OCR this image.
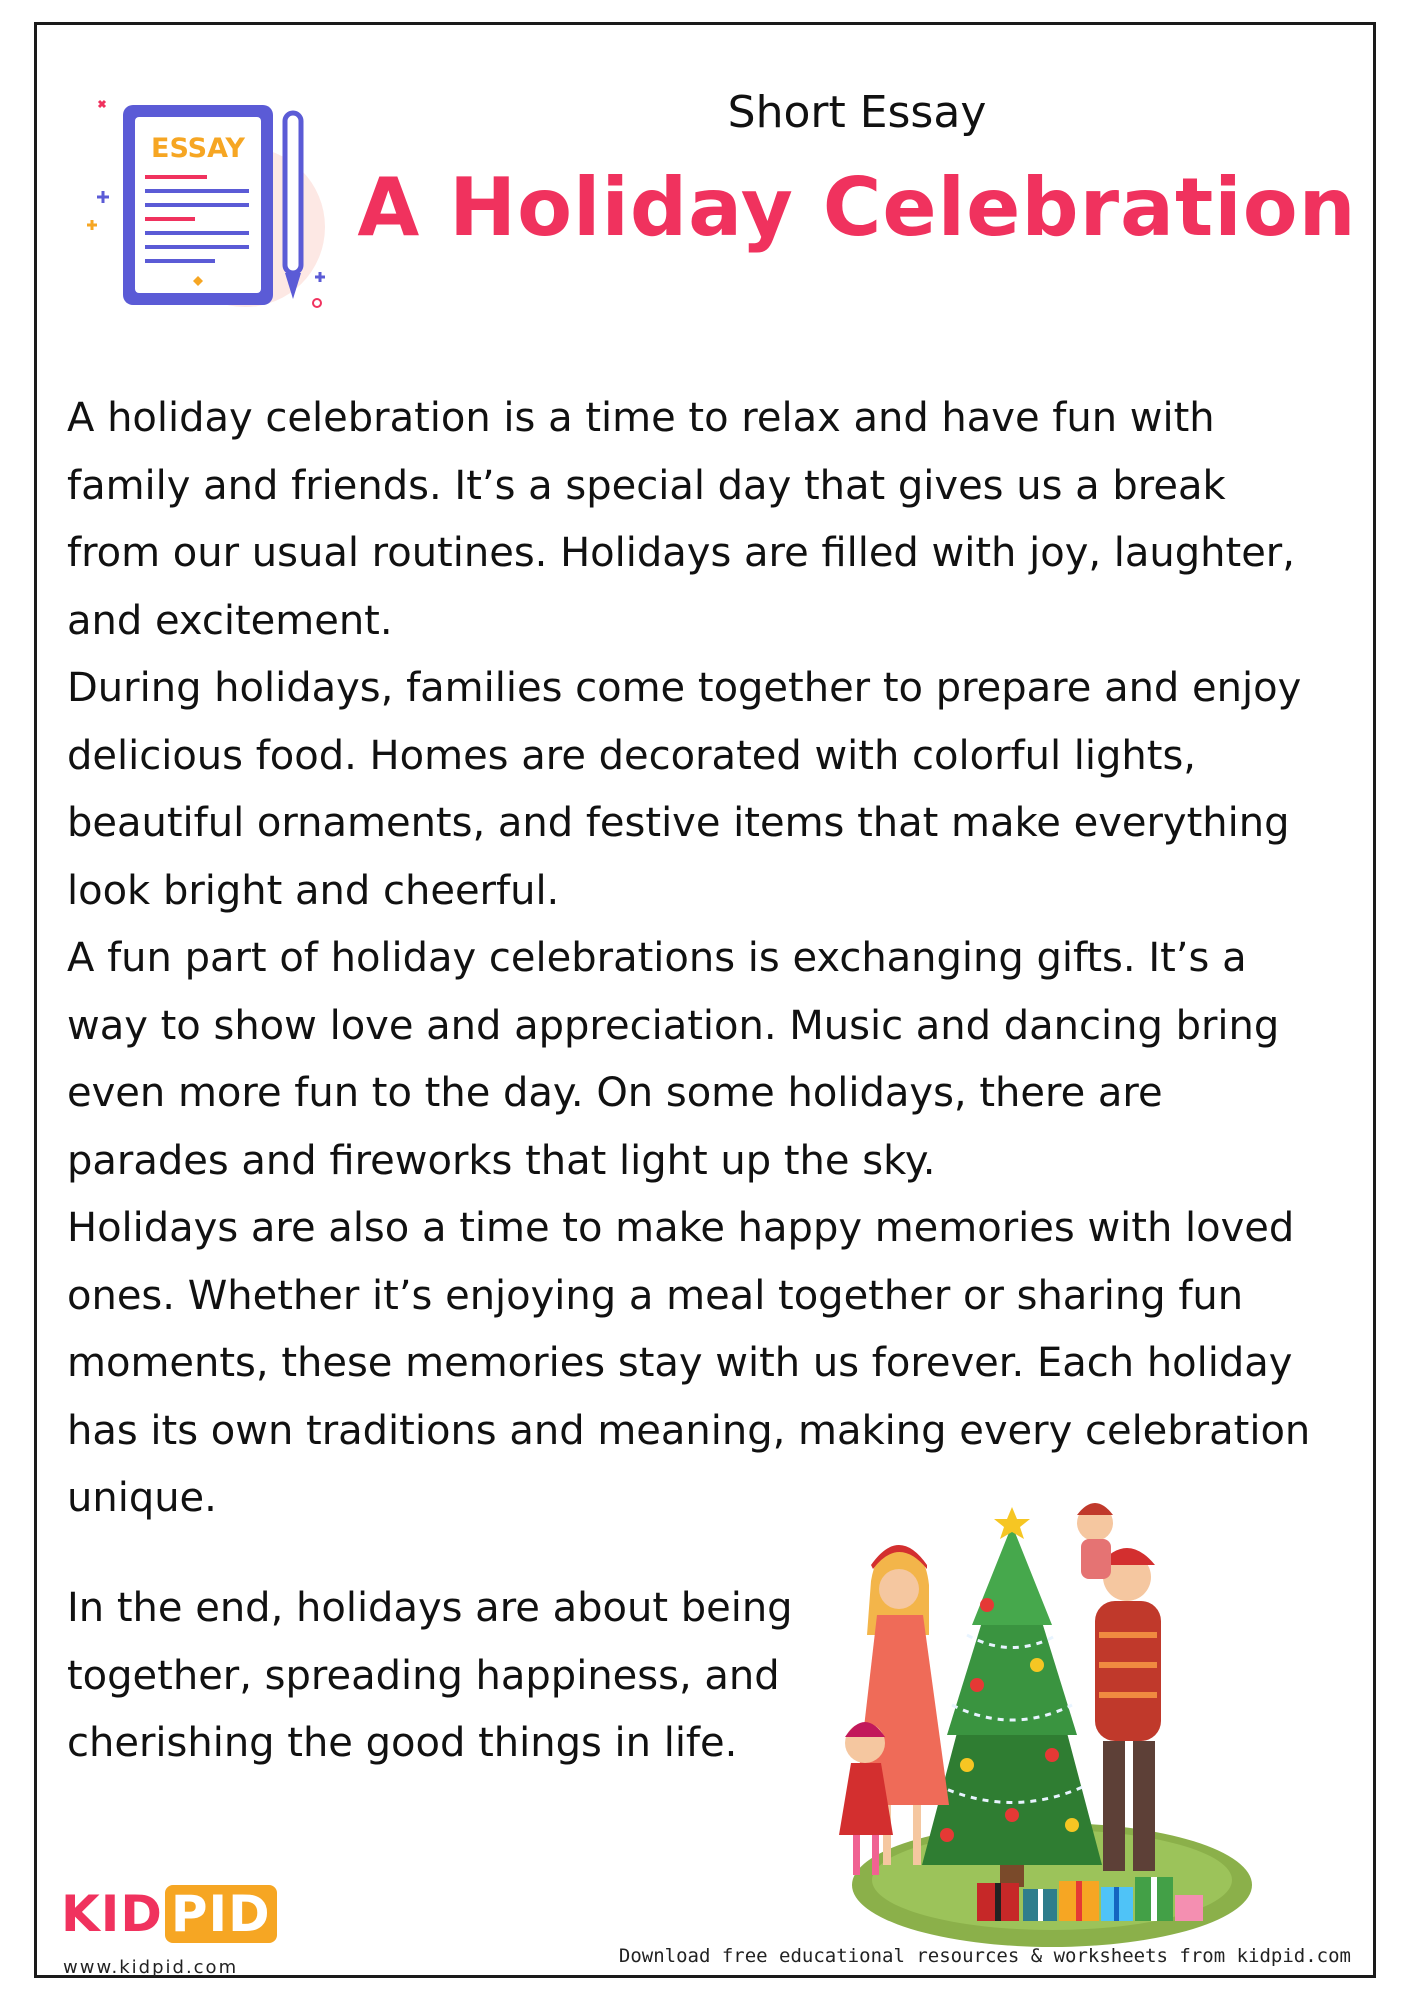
ESSAY
Short Essay
A Holiday Celebration

A holiday celebration is a time to relax and have fun with

family and friends. It’s a special day that gives us a break

from our usual routines. Holidays are filled with joy, laughter,

and excitement.

During holidays, families come together to prepare and enjoy

delicious food. Homes are decorated with colorful lights,

beautiful ornaments, and festive items that make everything

look bright and cheerful.

A fun part of holiday celebrations is exchanging gifts. It’s a

way to show love and appreciation. Music and dancing bring

even more fun to the day. On some holidays, there are

parades and fireworks that light up the sky.

Holidays are also a time to make happy memories with loved

ones. Whether it’s enjoying a meal together or sharing fun

moments, these memories stay with us forever. Each holiday

has its own traditions and meaning, making every celebration

unique.

In the end, holidays are about being

together, spreading happiness, and

cherishing the good things in life.

KID PID
www.kidpid.com
Download free educational resources & worksheets from kidpid.com
